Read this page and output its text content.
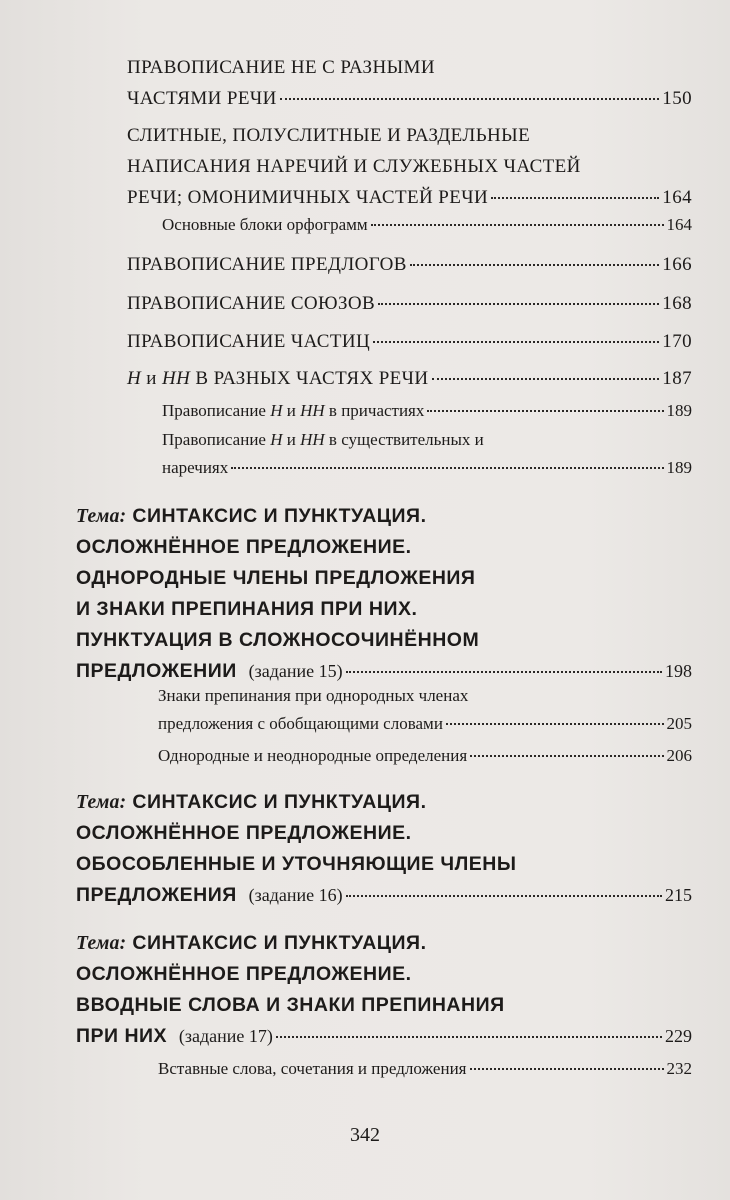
ПРАВОПИСАНИЕ НЕ С РАЗНЫМИ
ЧАСТЯМИ РЕЧИ	150
СЛИТНЫЕ, ПОЛУСЛИТНЫЕ И РАЗДЕЛЬНЫЕ
НАПИСАНИЯ НАРЕЧИЙ И СЛУЖЕБНЫХ ЧАСТЕЙ
РЕЧИ; ОМОНИМИЧНЫХ ЧАСТЕЙ РЕЧИ	164
Основные блоки орфограмм	164
ПРАВОПИСАНИЕ ПРЕДЛОГОВ	166
ПРАВОПИСАНИЕ СОЮЗОВ	168
ПРАВОПИСАНИЕ ЧАСТИЦ	170
Н и НН В РАЗНЫХ ЧАСТЯХ РЕЧИ	187
Правописание Н и НН в причастиях	189
Правописание Н и НН в существительных и
наречиях	189
Тема: СИНТАКСИС И ПУНКТУАЦИЯ.
ОСЛОЖНЁННОЕ ПРЕДЛОЖЕНИЕ.
ОДНОРОДНЫЕ ЧЛЕНЫ ПРЕДЛОЖЕНИЯ
И ЗНАКИ ПРЕПИНАНИЯ ПРИ НИХ.
ПУНКТУАЦИЯ В СЛОЖНОСОЧИНЁННОМ
ПРЕДЛОЖЕНИИ
(задание 15)	198
Знаки препинания при однородных членах
предложения с обобщающими словами	205
Однородные и неоднородные определения	206
Тема: СИНТАКСИС И ПУНКТУАЦИЯ.
ОСЛОЖНЁННОЕ ПРЕДЛОЖЕНИЕ.
ОБОСОБЛЕННЫЕ И УТОЧНЯЮЩИЕ ЧЛЕНЫ
ПРЕДЛОЖЕНИЯ
(задание 16)	215
Тема: СИНТАКСИС И ПУНКТУАЦИЯ.
ОСЛОЖНЁННОЕ ПРЕДЛОЖЕНИЕ.
ВВОДНЫЕ СЛОВА И ЗНАКИ ПРЕПИНАНИЯ
ПРИ НИХ
(задание 17)	229
Вставные слова, сочетания и предложения	232
342
